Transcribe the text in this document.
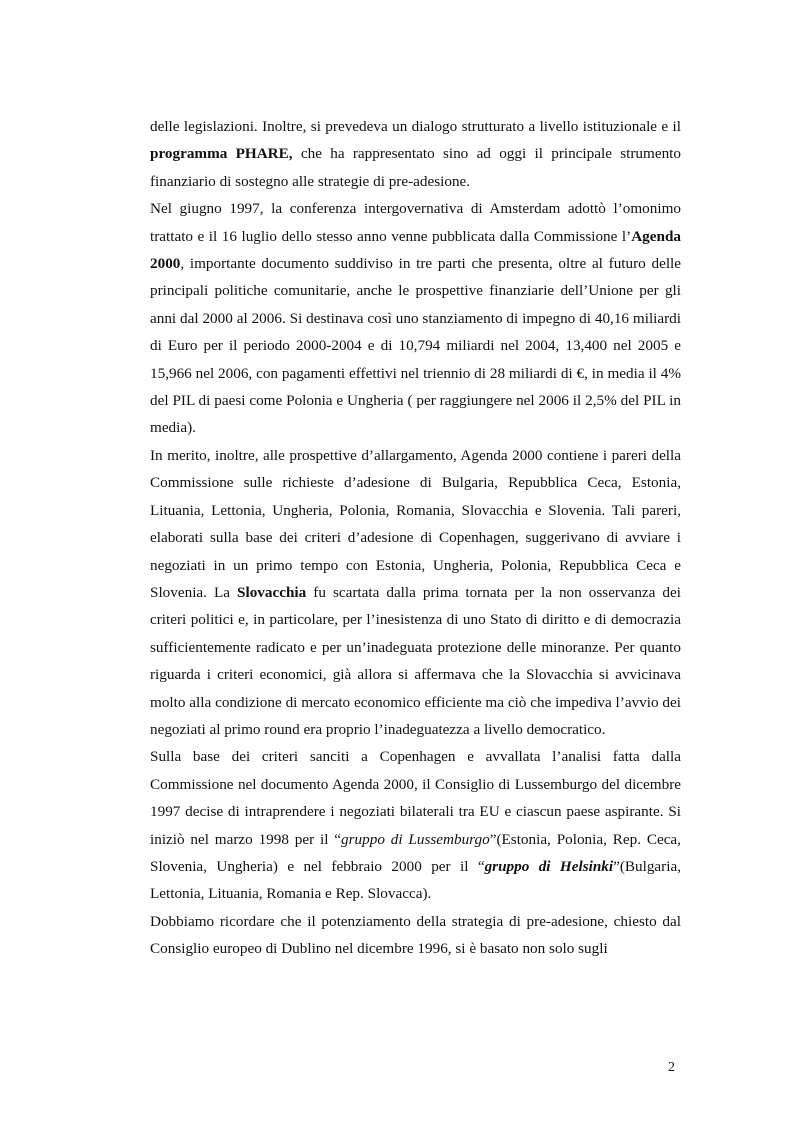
delle legislazioni. Inoltre, si prevedeva un dialogo strutturato a livello istituzionale e il programma PHARE, che ha rappresentato sino ad oggi il principale strumento finanziario di sostegno alle strategie di pre-adesione.

Nel giugno 1997, la conferenza intergovernativa di Amsterdam adottò l’omonimo trattato e il 16 luglio dello stesso anno venne pubblicata dalla Commissione l’Agenda 2000, importante documento suddiviso in tre parti che presenta, oltre al futuro delle principali politiche comunitarie, anche le prospettive finanziarie dell’Unione per gli anni dal 2000 al 2006. Si destinava così uno stanziamento di impegno di 40,16 miliardi di Euro per il periodo 2000-2004 e di 10,794 miliardi nel 2004, 13,400 nel 2005 e 15,966 nel 2006, con pagamenti effettivi nel triennio di 28 miliardi di €, in media il 4% del PIL di paesi come Polonia e Ungheria ( per raggiungere nel 2006 il 2,5% del PIL in media).

In merito, inoltre, alle prospettive d’allargamento, Agenda 2000 contiene i pareri della Commissione sulle richieste d’adesione di Bulgaria, Repubblica Ceca, Estonia, Lituania, Lettonia, Ungheria, Polonia, Romania, Slovacchia e Slovenia. Tali pareri, elaborati sulla base dei criteri d’adesione di Copenhagen, suggerivano di avviare i negoziati in un primo tempo con Estonia, Ungheria, Polonia, Repubblica Ceca e Slovenia. La Slovacchia fu scartata dalla prima tornata per la non osservanza dei criteri politici e, in particolare, per l’inesistenza di uno Stato di diritto e di democrazia sufficientemente radicato e per un’inadeguata protezione delle minoranze. Per quanto riguarda i criteri economici, già allora si affermava che la Slovacchia si avvicinava molto alla condizione di mercato economico efficiente ma ciò che impediva l’avvio dei negoziati al primo round era proprio l’inadeguatezza a livello democratico.

Sulla base dei criteri sanciti a Copenhagen e avvallata l’analisi fatta dalla Commissione nel documento Agenda 2000, il Consiglio di Lussemburgo del dicembre 1997 decise di intraprendere i negoziati bilaterali tra EU e ciascun paese aspirante. Si iniziò nel marzo 1998 per il “gruppo di Lussemburgo”(Estonia, Polonia, Rep. Ceca, Slovenia, Ungheria) e nel febbraio 2000 per il “gruppo di Helsinki”(Bulgaria, Lettonia, Lituania, Romania e Rep. Slovacca).

Dobbiamo ricordare che il potenziamento della strategia di pre-adesione, chiesto dal Consiglio europeo di Dublino nel dicembre 1996, si è basato non solo sugli

2
